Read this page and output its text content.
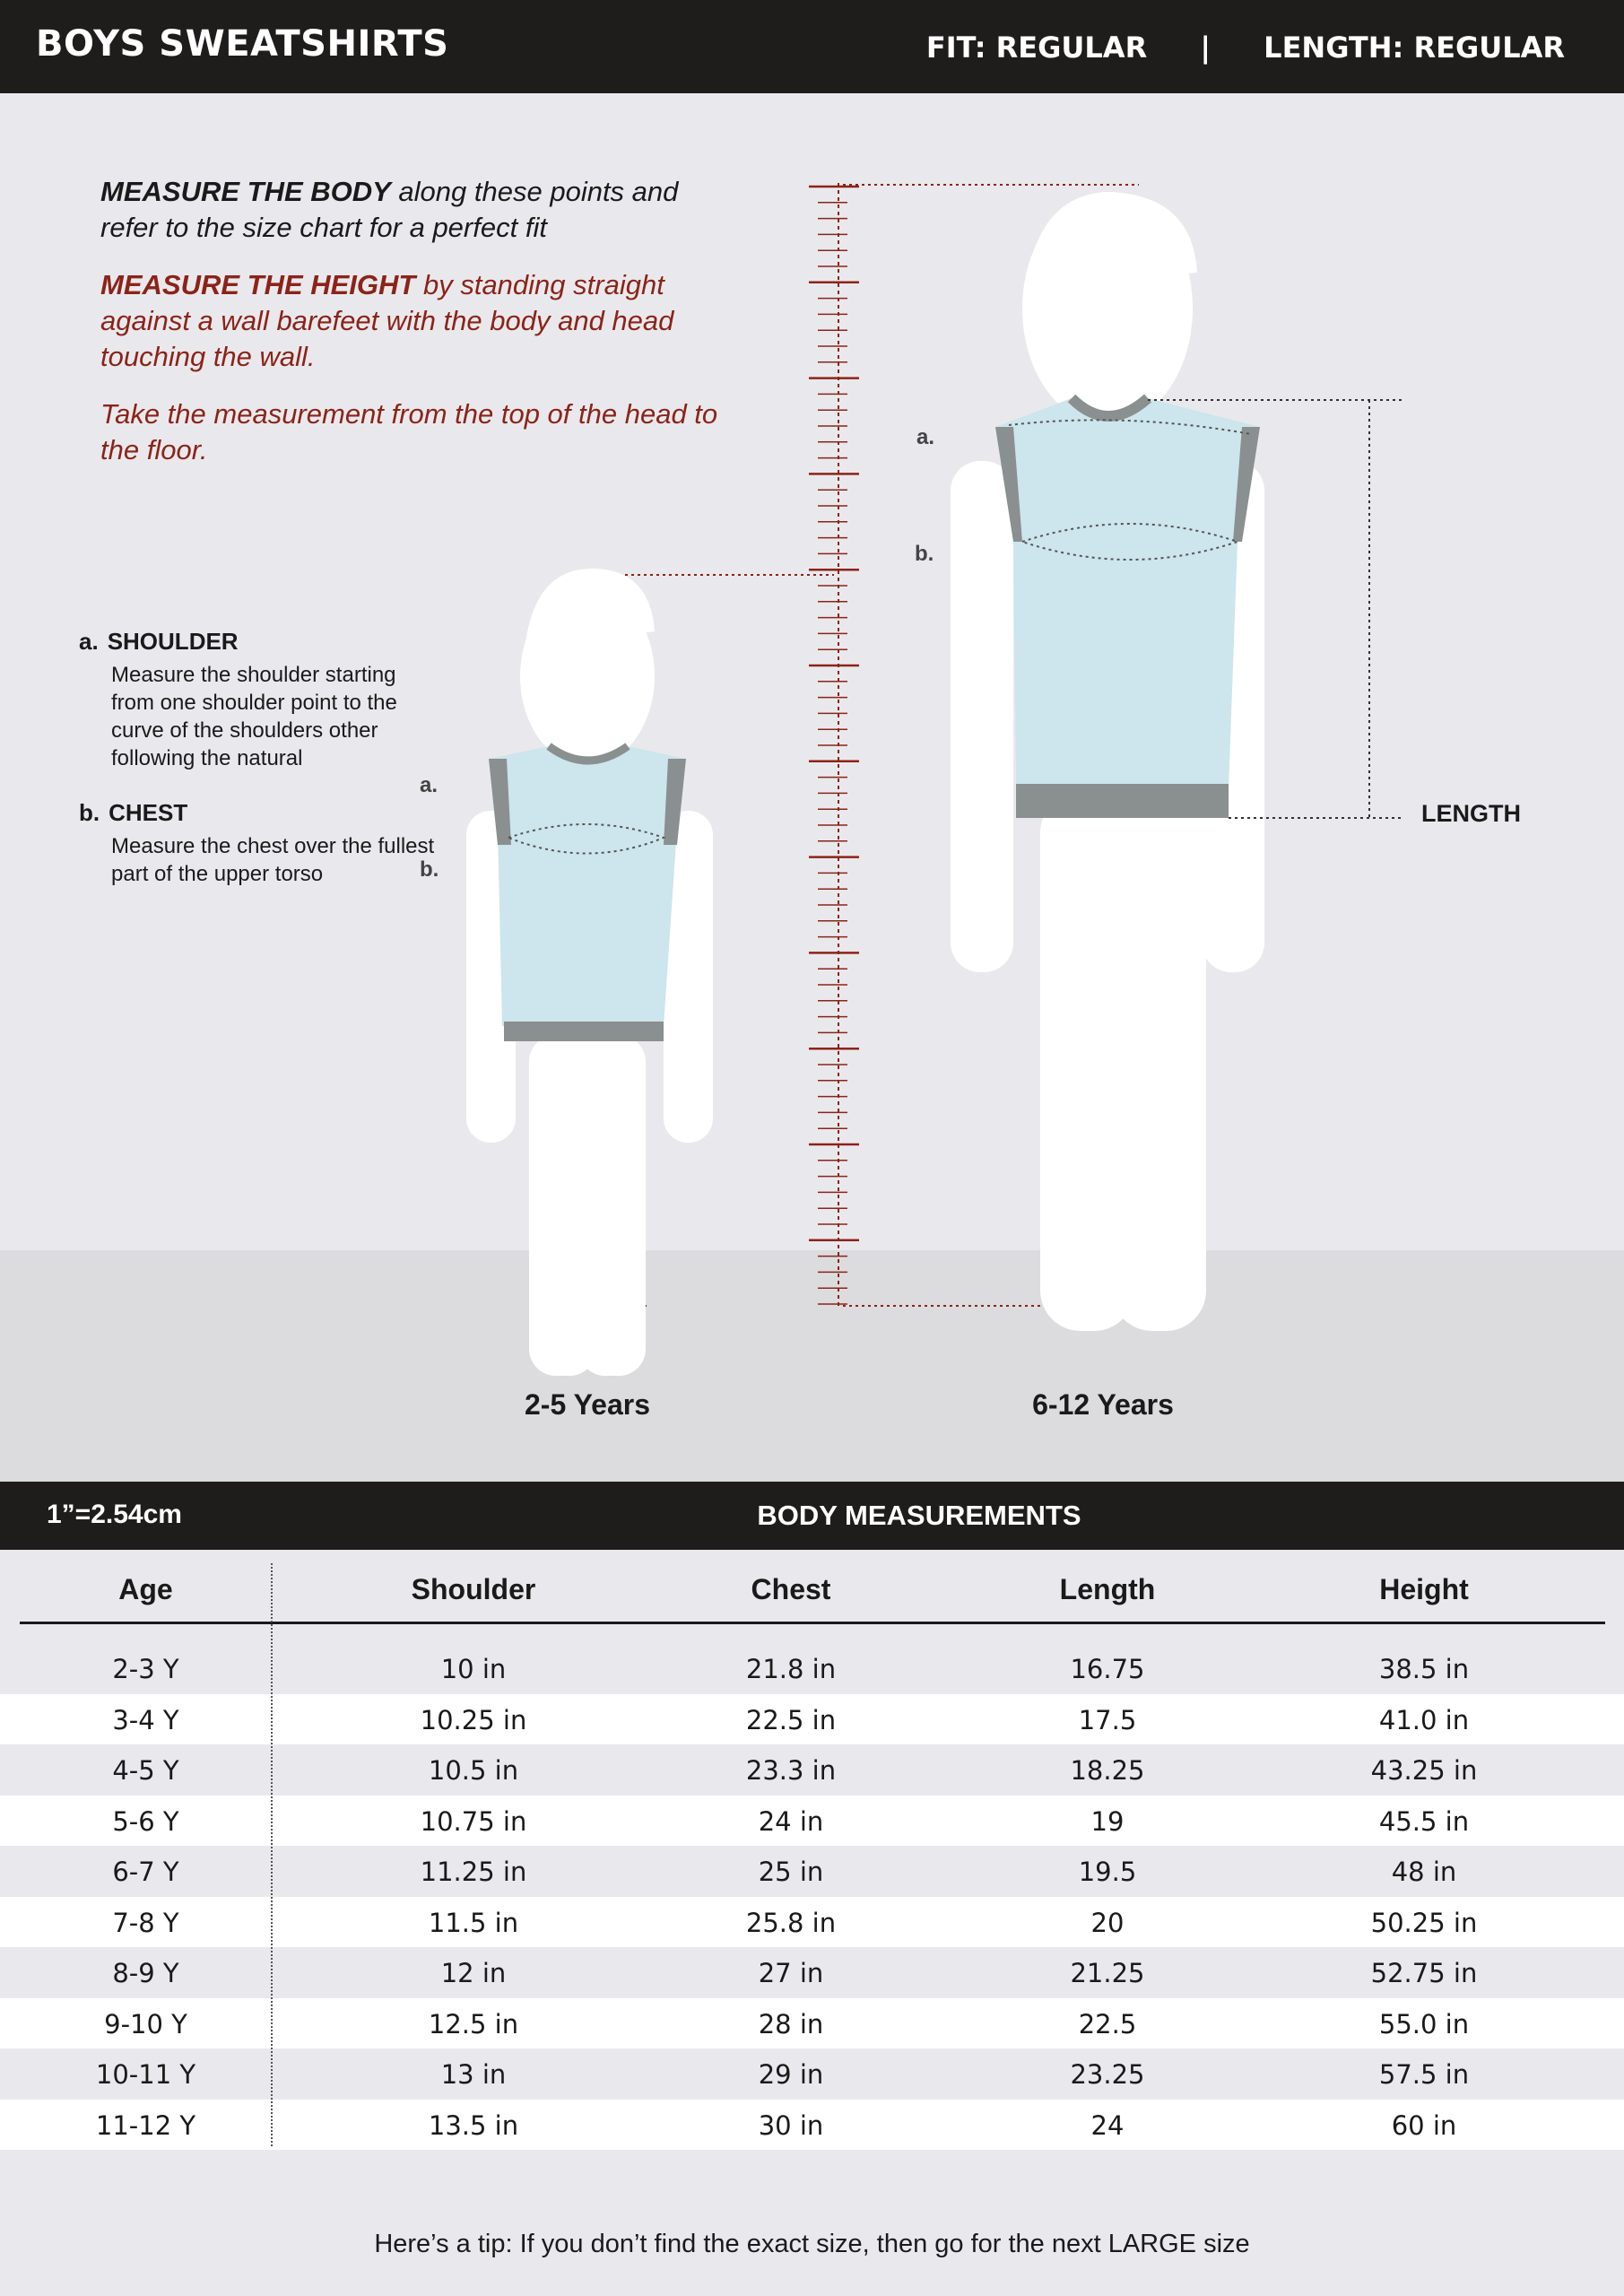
BOYS SWEATSHIRTS	FIT: REGULAR | LENGTH: REGULAR

MEASURE THE BODY along these points and refer to the size chart for a perfect fit

MEASURE THE HEIGHT by standing straight against a wall barefeet with the body and head touching the wall.

Take the measurement from the top of the head to the floor.

a. SHOULDER
Measure the shoulder starting from one shoulder point to the curve of the shoulders other following the natural
b. CHEST
Measure the chest over the fullest part of the upper torso
a.
b.
a.
b.
LENGTH
2-5 Years	6-12 Years
1”=2.54cm	BODY MEASUREMENTS
Age	Shoulder	Chest	Length	Height
2-3 Y	10 in	21.8 in	16.75	38.5 in
3-4 Y	10.25 in	22.5 in	17.5	41.0 in
4-5 Y	10.5 in	23.3 in	18.25	43.25 in
5-6 Y	10.75 in	24 in	19	45.5 in
6-7 Y	11.25 in	25 in	19.5	48 in
7-8 Y	11.5 in	25.8 in	20	50.25 in
8-9 Y	12 in	27 in	21.25	52.75 in
9-10 Y	12.5 in	28 in	22.5	55.0 in
10-11 Y	13 in	29 in	23.25	57.5 in
11-12 Y	13.5 in	30 in	24	60 in
Here’s a tip: If you don’t find the exact size, then go for the next LARGE size
